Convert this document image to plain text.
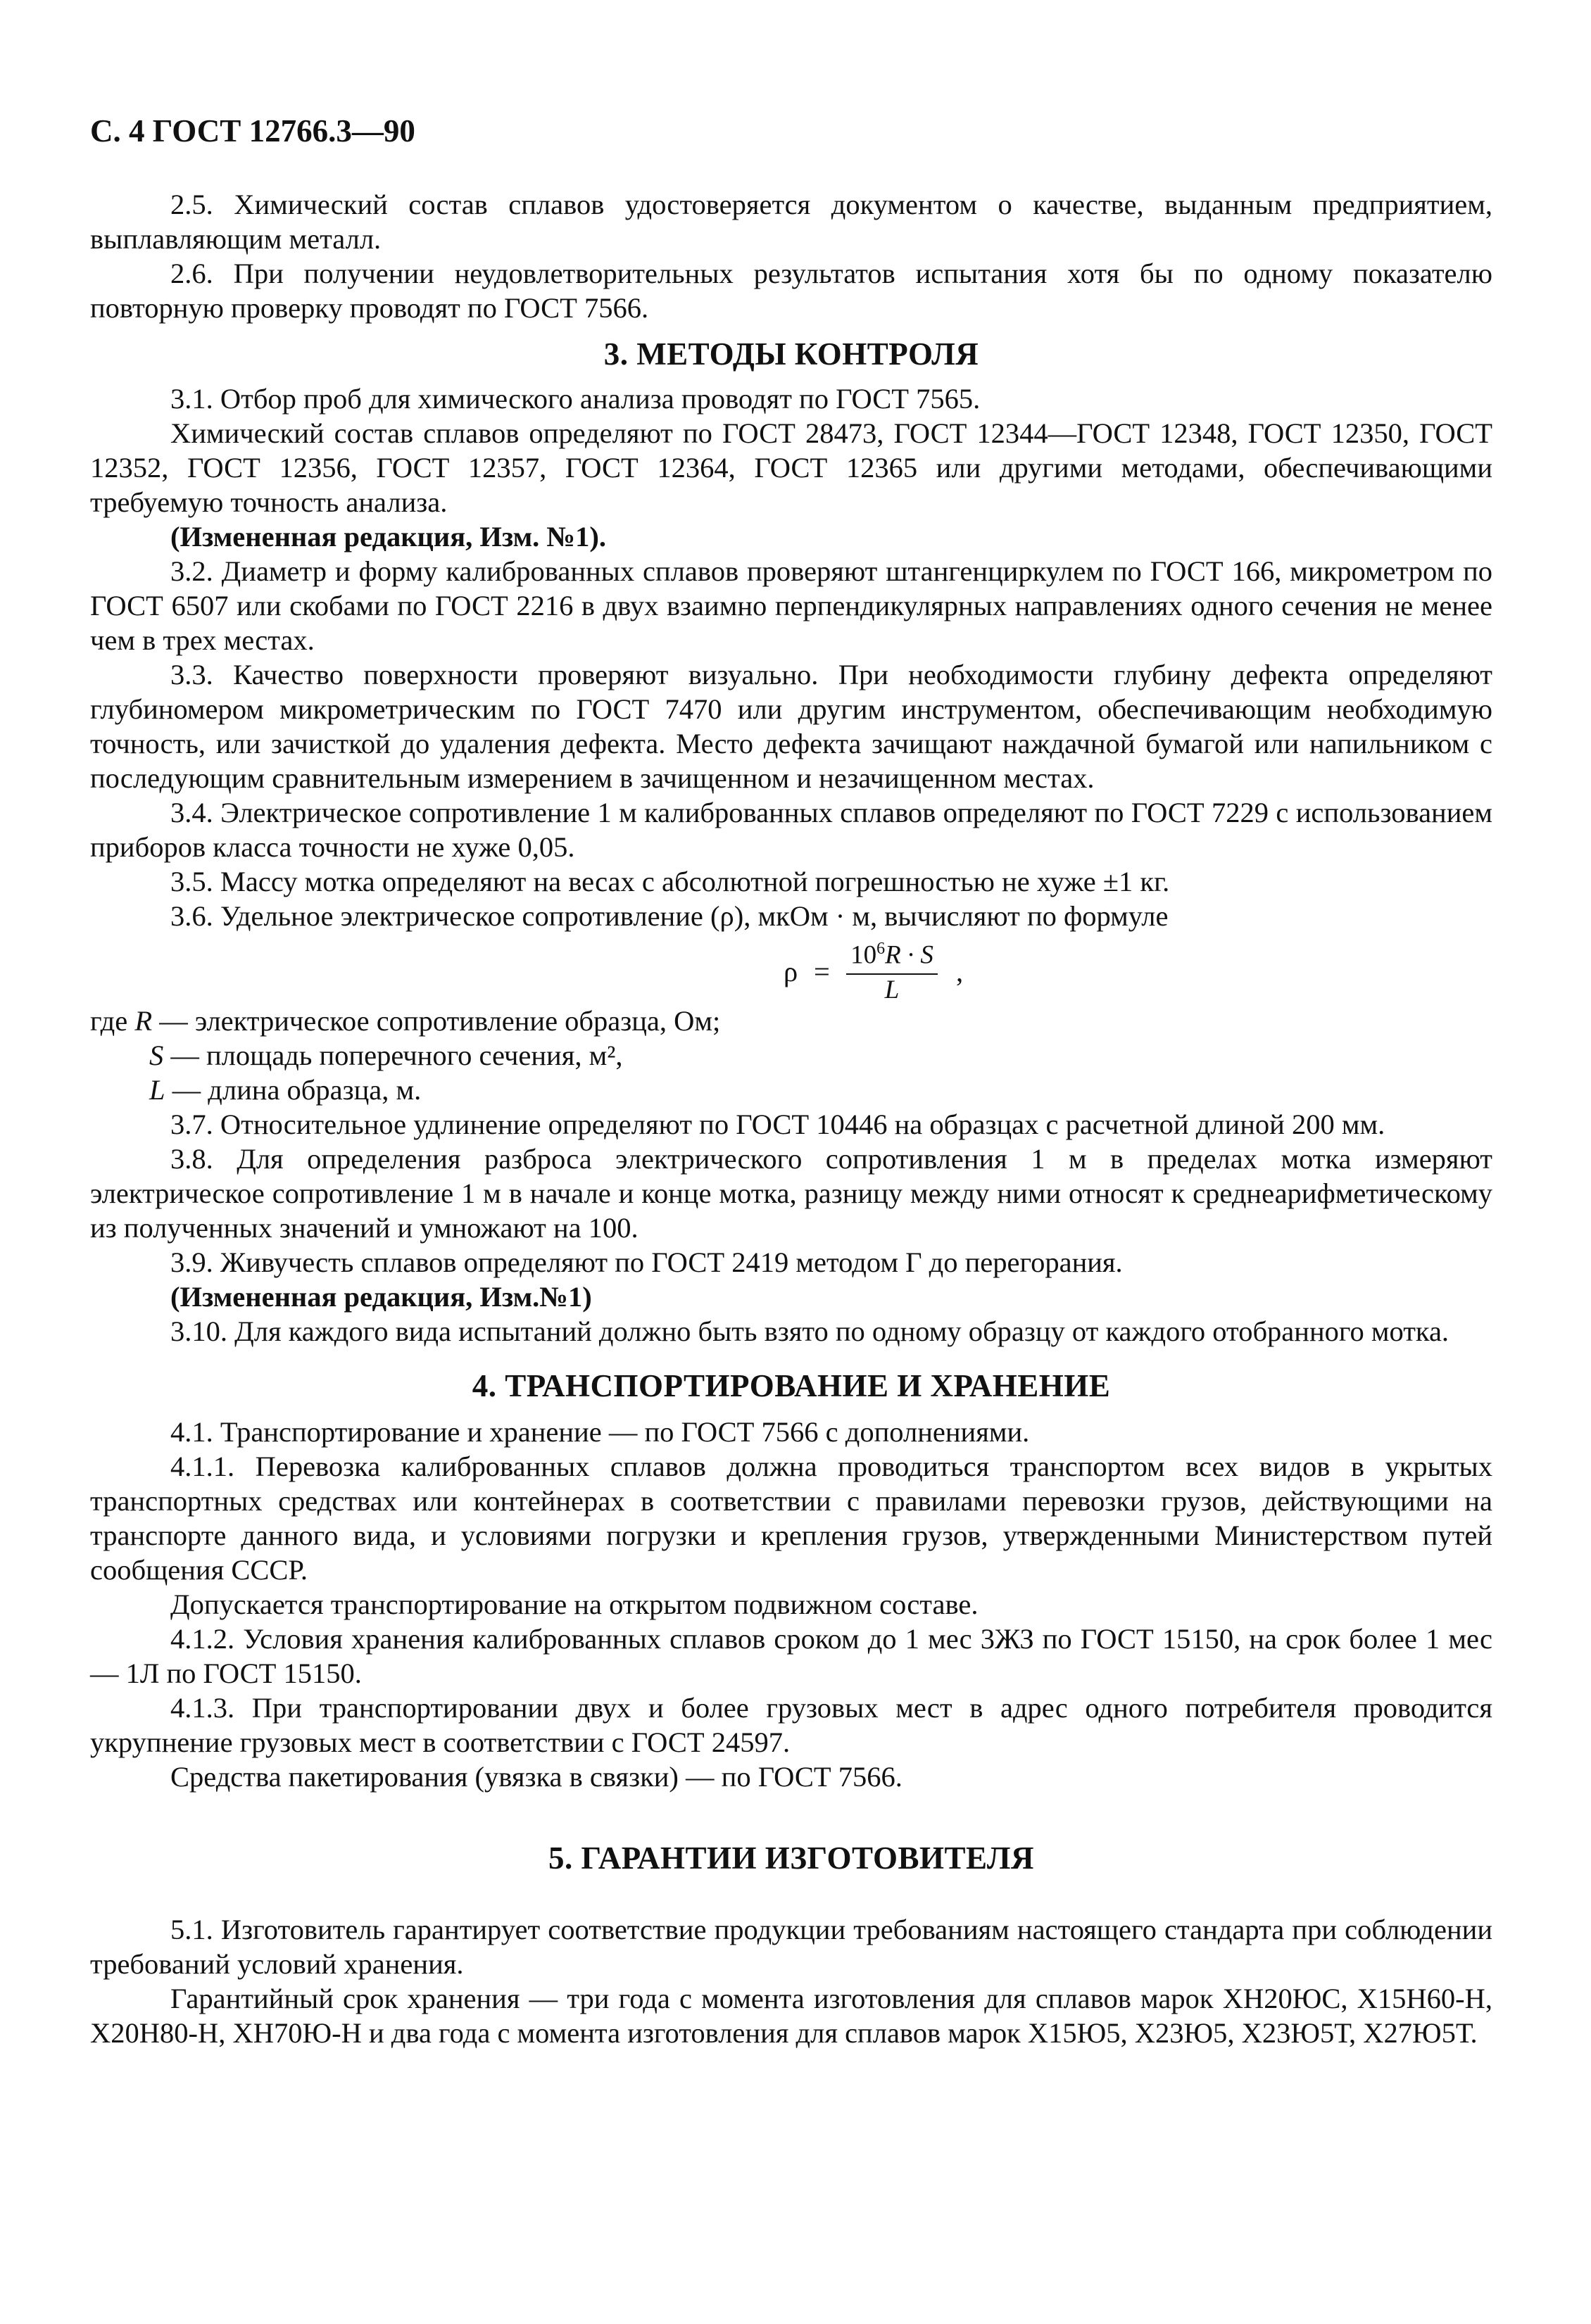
С. 4 ГОСТ 12766.3—90

2.5. Химический состав сплавов удостоверяется документом о качестве, выданным предприятием, выплавляющим металл.

2.6. При получении неудовлетворительных результатов испытания хотя бы по одному показателю повторную проверку проводят по ГОСТ 7566.

3. МЕТОДЫ КОНТРОЛЯ

3.1. Отбор проб для химического анализа проводят по ГОСТ 7565.

Химический состав сплавов определяют по ГОСТ 28473, ГОСТ 12344—ГОСТ 12348, ГОСТ 12350, ГОСТ 12352, ГОСТ 12356, ГОСТ 12357, ГОСТ 12364, ГОСТ 12365 или другими методами, обеспечивающими требуемую точность анализа.

(Измененная редакция, Изм. №1).

3.2. Диаметр и форму калиброванных сплавов проверяют штангенциркулем по ГОСТ 166, микрометром по ГОСТ 6507 или скобами по ГОСТ 2216 в двух взаимно перпендикулярных направлениях одного сечения не менее чем в трех местах.

3.3. Качество поверхности проверяют визуально. При необходимости глубину дефекта определяют глубиномером микрометрическим по ГОСТ 7470 или другим инструментом, обеспечивающим необходимую точность, или зачисткой до удаления дефекта. Место дефекта зачищают наждачной бумагой или напильником с последующим сравнительным измерением в зачищенном и незачищенном местах.

3.4. Электрическое сопротивление 1 м калиброванных сплавов определяют по ГОСТ 7229 с использованием приборов класса точности не хуже 0,05.

3.5. Массу мотка определяют на весах с абсолютной погрешностью не хуже ±1 кг.

3.6. Удельное электрическое сопротивление (ρ), мкОм · м, вычисляют по формуле

$\rho = \frac{10^6R \cdot S}{L}$ ,

где R — электрическое сопротивление образца, Ом;

S — площадь поперечного сечения, м²,

L — длина образца, м.

3.7. Относительное удлинение определяют по ГОСТ 10446 на образцах с расчетной длиной 200 мм.

3.8. Для определения разброса электрического сопротивления 1 м в пределах мотка измеряют электрическое сопротивление 1 м в начале и конце мотка, разницу между ними относят к среднеарифметическому из полученных значений и умножают на 100.

3.9. Живучесть сплавов определяют по ГОСТ 2419 методом Г до перегорания.

(Измененная редакция, Изм.№1)

3.10. Для каждого вида испытаний должно быть взято по одному образцу от каждого отобранного мотка.

4. ТРАНСПОРТИРОВАНИЕ И ХРАНЕНИЕ

4.1. Транспортирование и хранение — по ГОСТ 7566 с дополнениями.

4.1.1. Перевозка калиброванных сплавов должна проводиться транспортом всех видов в укрытых транспортных средствах или контейнерах в соответствии с правилами перевозки грузов, действующими на транспорте данного вида, и условиями погрузки и крепления грузов, утвержденными Министерством путей сообщения СССР.

Допускается транспортирование на открытом подвижном составе.

4.1.2. Условия хранения калиброванных сплавов сроком до 1 мес 3ЖЗ по ГОСТ 15150, на срок более 1 мес — 1Л по ГОСТ 15150.

4.1.3. При транспортировании двух и более грузовых мест в адрес одного потребителя проводится укрупнение грузовых мест в соответствии с ГОСТ 24597.

Средства пакетирования (увязка в связки) — по ГОСТ 7566.

5. ГАРАНТИИ ИЗГОТОВИТЕЛЯ

5.1. Изготовитель гарантирует соответствие продукции требованиям настоящего стандарта при соблюдении требований условий хранения.

Гарантийный срок хранения — три года с момента изготовления для сплавов марок ХН20ЮС, Х15Н60-Н, Х20Н80-Н, ХН70Ю-Н и два года с момента изготовления для сплавов марок Х15Ю5, Х23Ю5, Х23Ю5Т, Х27Ю5Т.
